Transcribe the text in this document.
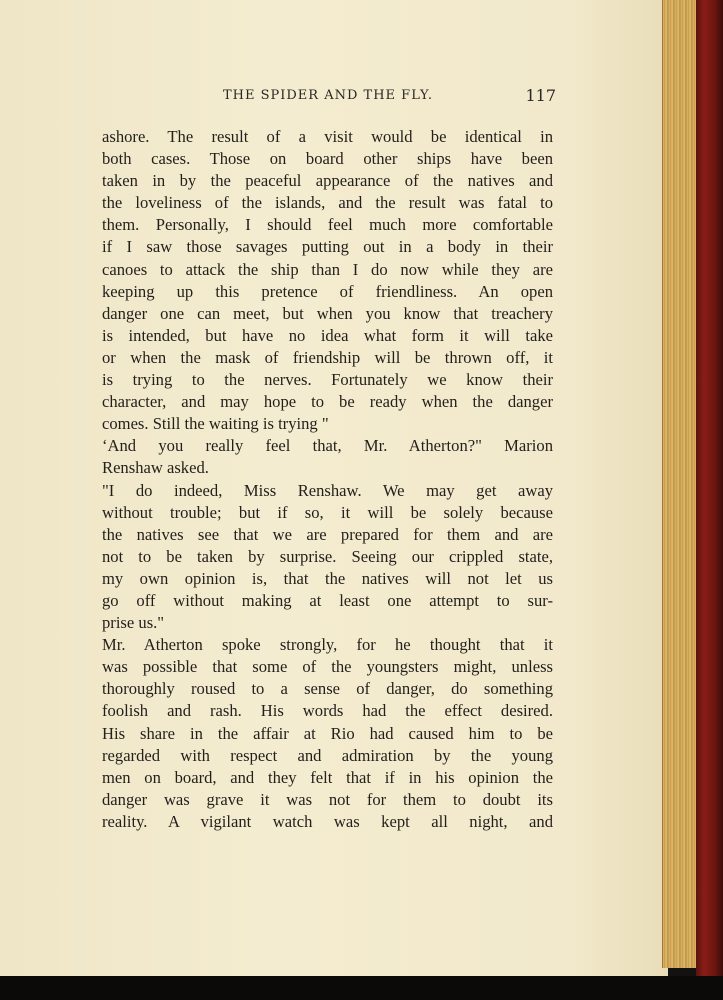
THE SPIDER AND THE FLY.	117
ashore. The result of a visit would be identical in
both cases. Those on board other ships have been
taken in by the peaceful appearance of the natives and
the loveliness of the islands, and the result was fatal to
them. Personally, I should feel much more comfortable
if I saw those savages putting out in a body in their
canoes to attack the ship than I do now while they are
keeping up this pretence of friendliness. An open
danger one can meet, but when you know that treachery
is intended, but have no idea what form it will take
or when the mask of friendship will be thrown off, it
is trying to the nerves. Fortunately we know their
character, and may hope to be ready when the danger
comes. Still the waiting is trying "
‘And you really feel that, Mr. Atherton?" Marion
Renshaw asked.
"I do indeed, Miss Renshaw. We may get away
without trouble; but if so, it will be solely because
the natives see that we are prepared for them and are
not to be taken by surprise. Seeing our crippled state,
my own opinion is, that the natives will not let us
go off without making at least one attempt to sur-
prise us."
Mr. Atherton spoke strongly, for he thought that it
was possible that some of the youngsters might, unless
thoroughly roused to a sense of danger, do something
foolish and rash. His words had the effect desired.
His share in the affair at Rio had caused him to be
regarded with respect and admiration by the young
men on board, and they felt that if in his opinion the
danger was grave it was not for them to doubt its
reality. A vigilant watch was kept all night, and
